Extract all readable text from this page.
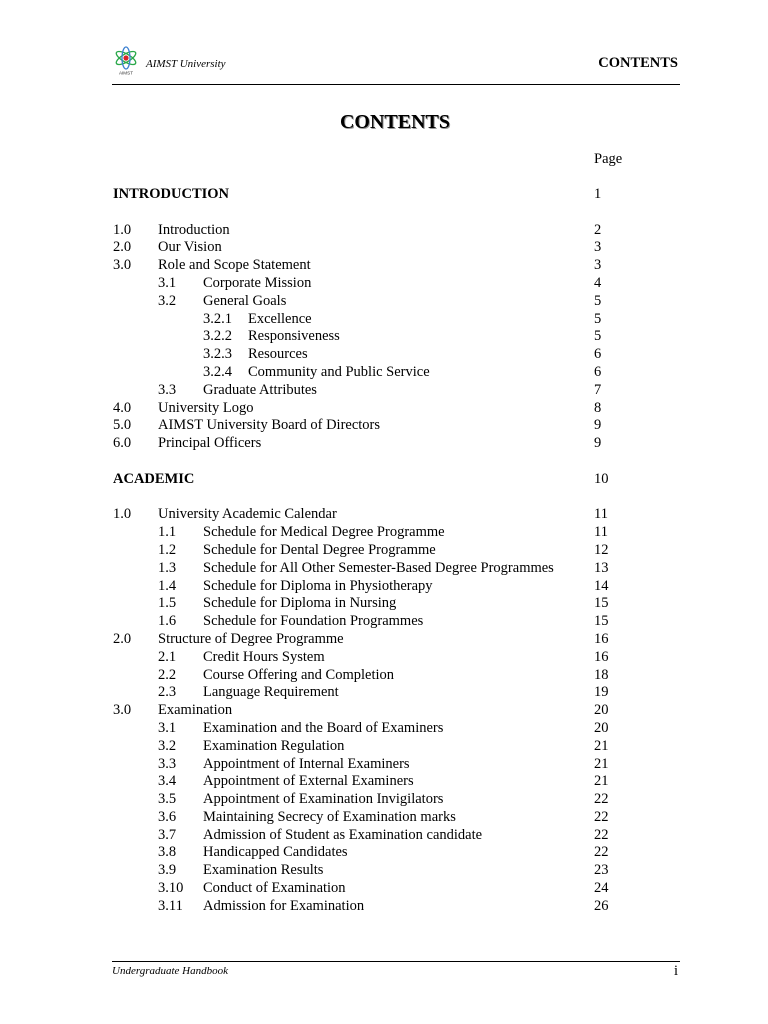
AIMST
AIMST University	CONTENTS
CONTENTS
Page
INTRODUCTION	1
1.0 Introduction	2
2.0 Our Vision	3
3.0 Role and Scope Statement	3
3.1 Corporate Mission	4
3.2 General Goals	5
3.2.1 Excellence	5
3.2.2 Responsiveness	5
3.2.3 Resources	6
3.2.4 Community and Public Service	6
3.3 Graduate Attributes	7
4.0 University Logo	8
5.0 AIMST University Board of Directors	9
6.0 Principal Officers	9
ACADEMIC	10
1.0 University Academic Calendar	11
1.1 Schedule for Medical Degree Programme	11
1.2 Schedule for Dental Degree Programme	12
1.3 Schedule for All Other Semester-Based Degree Programmes	13
1.4 Schedule for Diploma in Physiotherapy	14
1.5 Schedule for Diploma in Nursing	15
1.6 Schedule for Foundation Programmes	15
2.0 Structure of Degree Programme	16
2.1 Credit Hours System	16
2.2 Course Offering and Completion	18
2.3 Language Requirement	19
3.0 Examination	20
3.1 Examination and the Board of Examiners	20
3.2 Examination Regulation	21
3.3 Appointment of Internal Examiners	21
3.4 Appointment of External Examiners	21
3.5 Appointment of Examination Invigilators	22
3.6 Maintaining Secrecy of Examination marks	22
3.7 Admission of Student as Examination candidate	22
3.8 Handicapped Candidates	22
3.9 Examination Results	23
3.10 Conduct of Examination	24
3.11 Admission for Examination	26
Undergraduate Handbook	i
